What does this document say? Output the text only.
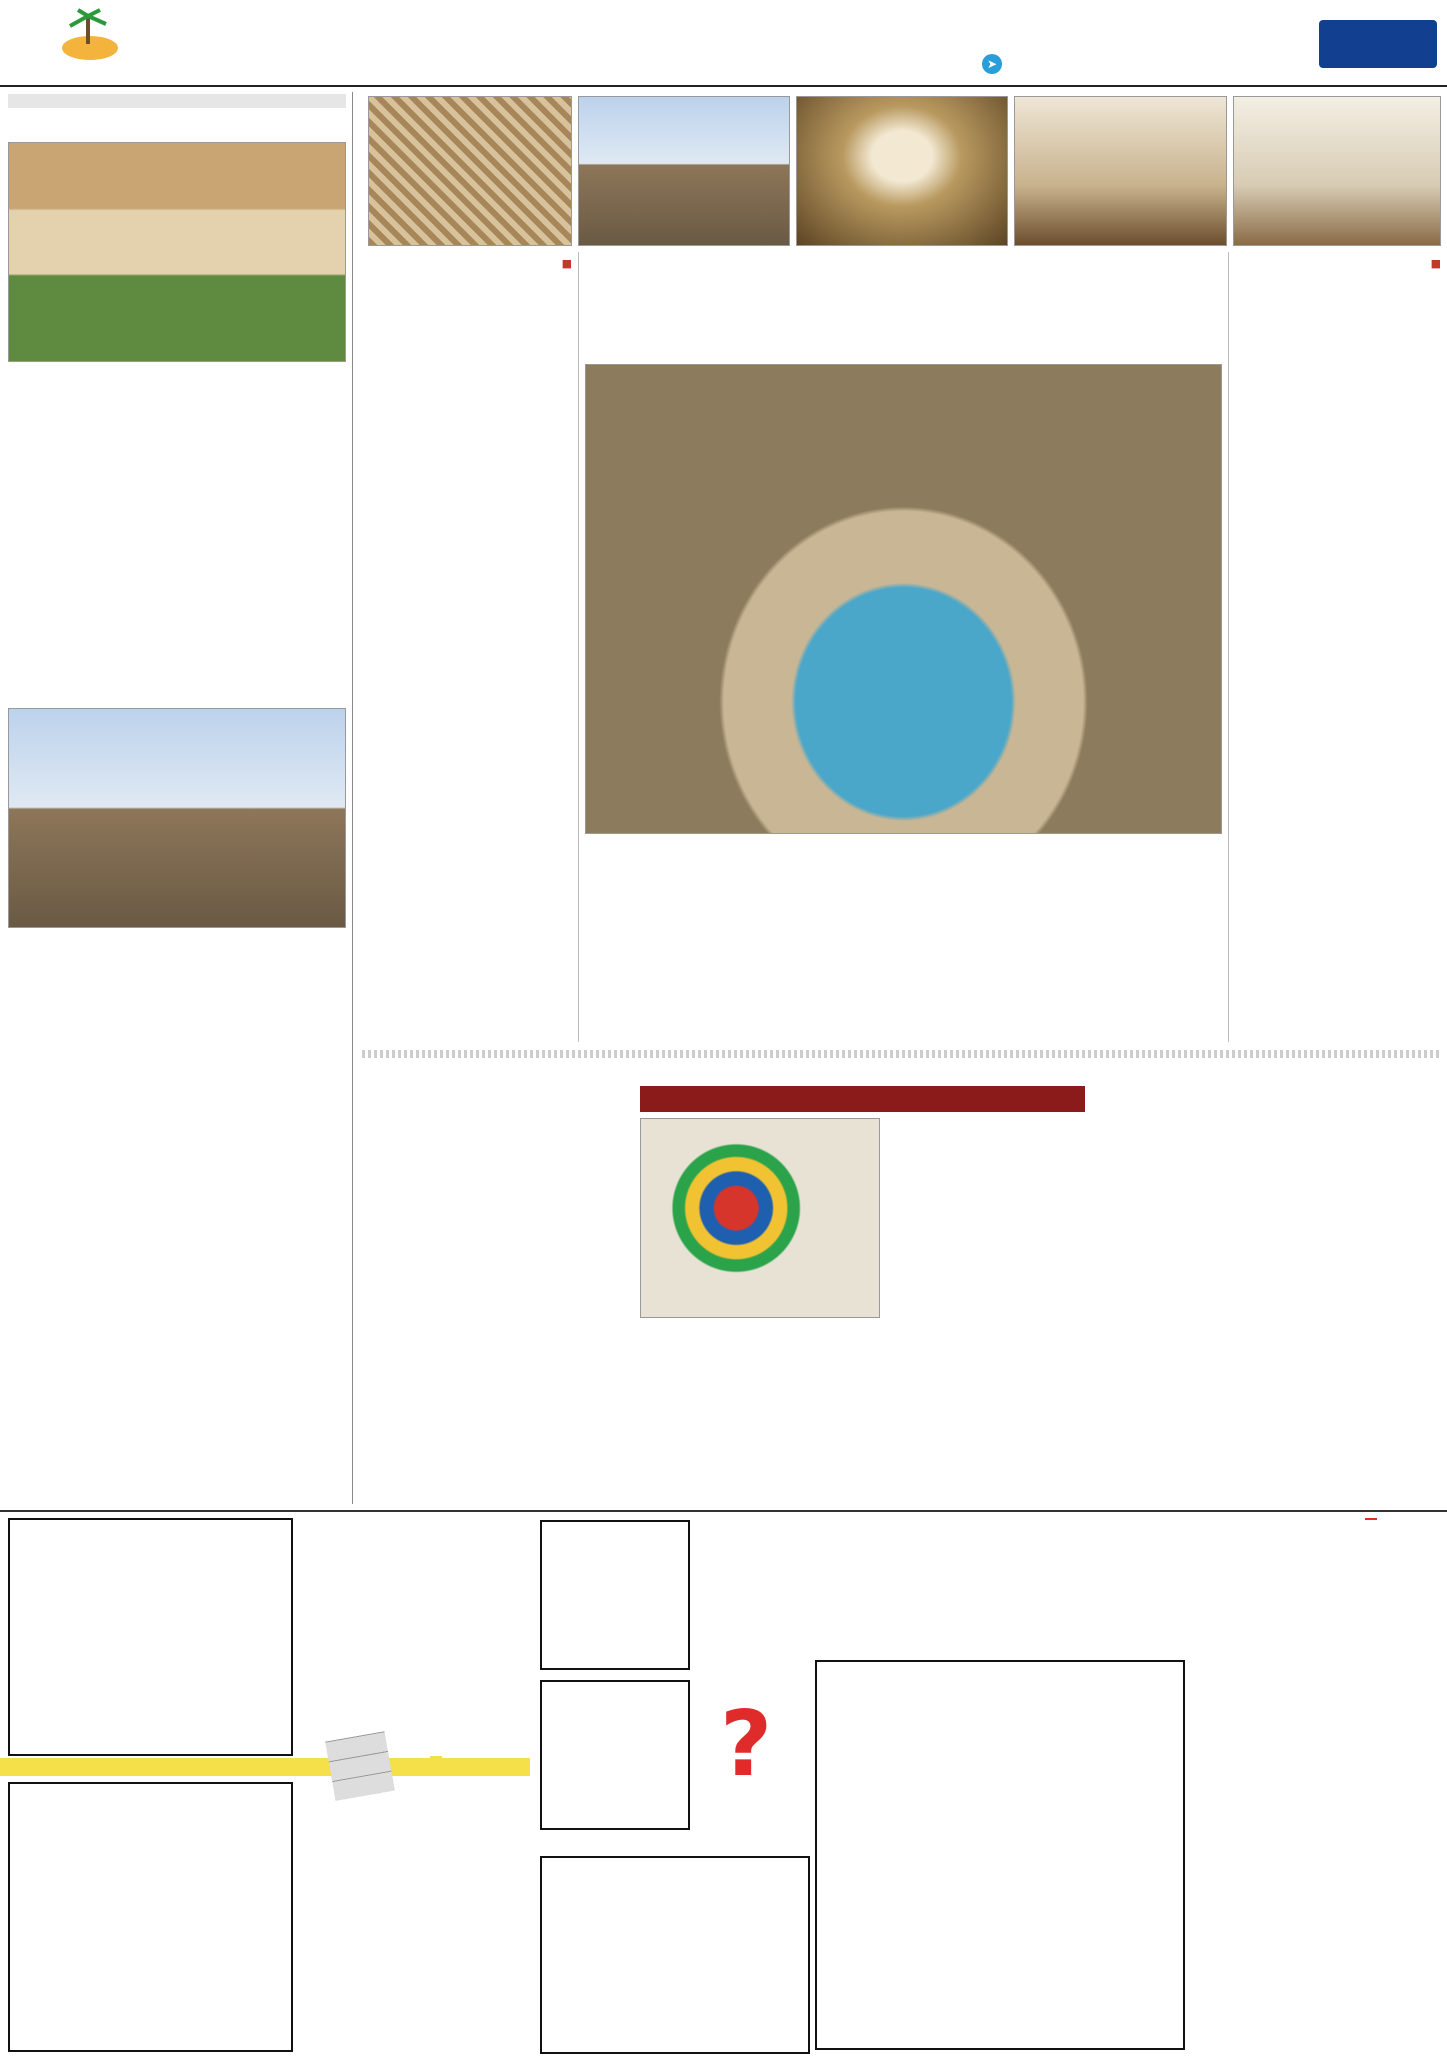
➤
■
■

?
